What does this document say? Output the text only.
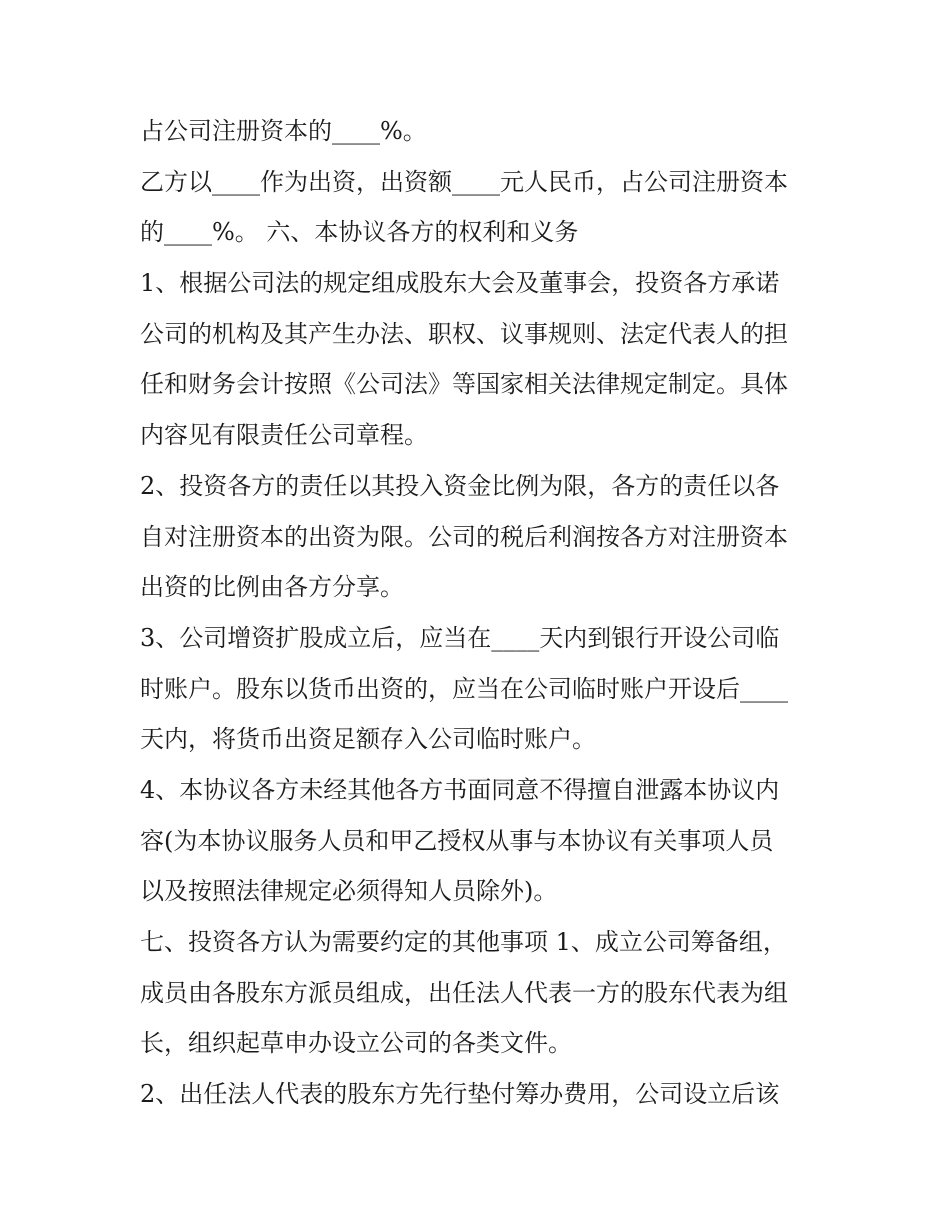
占公司注册资本的____%。
乙方以____作为出资，出资额____元人民币，占公司注册资本
的____%。 六、本协议各方的权利和义务
1、根据公司法的规定组成股东大会及董事会，投资各方承诺
公司的机构及其产生办法、职权、议事规则、法定代表人的担
任和财务会计按照《公司法》等国家相关法律规定制定。具体
内容见有限责任公司章程。
2、投资各方的责任以其投入资金比例为限，各方的责任以各
自对注册资本的出资为限。公司的税后利润按各方对注册资本
出资的比例由各方分享。
3、公司增资扩股成立后，应当在____天内到银行开设公司临
时账户。股东以货币出资的，应当在公司临时账户开设后____
天内，将货币出资足额存入公司临时账户。
4、本协议各方未经其他各方书面同意不得擅自泄露本协议内
容(为本协议服务人员和甲乙授权从事与本协议有关事项人员
以及按照法律规定必须得知人员除外)。
七、投资各方认为需要约定的其他事项 1、成立公司筹备组，
成员由各股东方派员组成，出任法人代表一方的股东代表为组
长，组织起草申办设立公司的各类文件。
2、出任法人代表的股东方先行垫付筹办费用，公司设立后该
